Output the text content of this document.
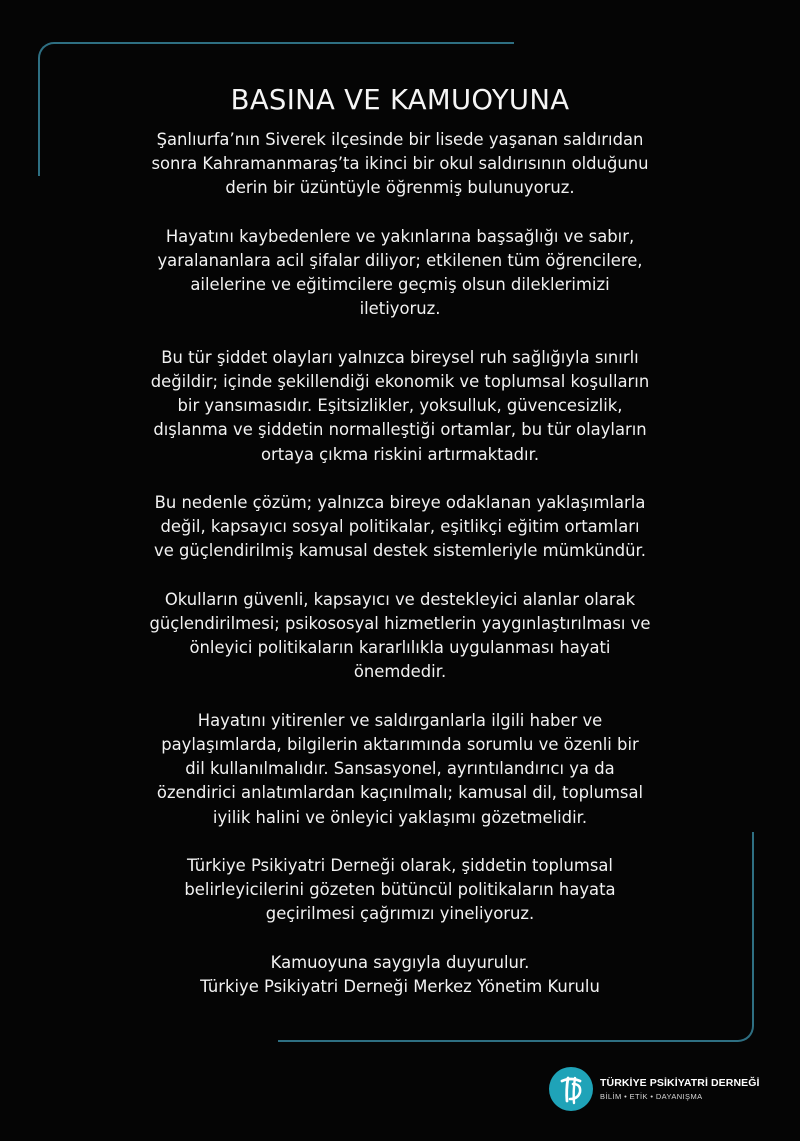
BASINA VE KAMUOYUNA
Şanlıurfa’nın Siverek ilçesinde bir lisede yaşanan saldırıdan
sonra Kahramanmaraş’ta ikinci bir okul saldırısının olduğunu
derin bir üzüntüyle öğrenmiş bulunuyoruz.
Hayatını kaybedenlere ve yakınlarına başsağlığı ve sabır,
yaralananlara acil şifalar diliyor; etkilenen tüm öğrencilere,
ailelerine ve eğitimcilere geçmiş olsun dileklerimizi
iletiyoruz.
Bu tür şiddet olayları yalnızca bireysel ruh sağlığıyla sınırlı
değildir; içinde şekillendiği ekonomik ve toplumsal koşulların
bir yansımasıdır. Eşitsizlikler, yoksulluk, güvencesizlik,
dışlanma ve şiddetin normalleştiği ortamlar, bu tür olayların
ortaya çıkma riskini artırmaktadır.
Bu nedenle çözüm; yalnızca bireye odaklanan yaklaşımlarla
değil, kapsayıcı sosyal politikalar, eşitlikçi eğitim ortamları
ve güçlendirilmiş kamusal destek sistemleriyle mümkündür.
Okulların güvenli, kapsayıcı ve destekleyici alanlar olarak
güçlendirilmesi; psikososyal hizmetlerin yaygınlaştırılması ve
önleyici politikaların kararlılıkla uygulanması hayati
önemdedir.
Hayatını yitirenler ve saldırganlarla ilgili haber ve
paylaşımlarda, bilgilerin aktarımında sorumlu ve özenli bir
dil kullanılmalıdır. Sansasyonel, ayrıntılandırıcı ya da
özendirici anlatımlardan kaçınılmalı; kamusal dil, toplumsal
iyilik halini ve önleyici yaklaşımı gözetmelidir.
Türkiye Psikiyatri Derneği olarak, şiddetin toplumsal
belirleyicilerini gözeten bütüncül politikaların hayata
geçirilmesi çağrımızı yineliyoruz.
Kamuoyuna saygıyla duyurulur.
Türkiye Psikiyatri Derneği Merkez Yönetim Kurulu
TÜRKİYE PSİKİYATRİ DERNEĞİ
BİLİM • ETİK • DAYANIŞMA
